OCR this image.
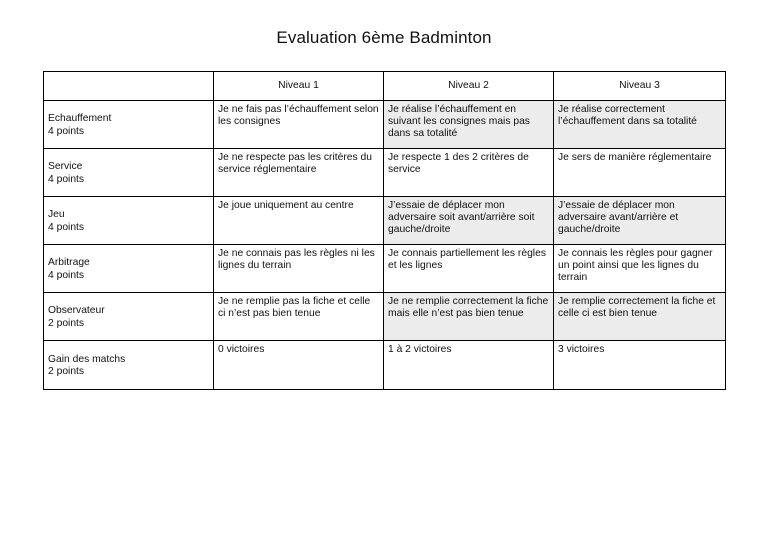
Evaluation 6ème Badminton
	Niveau 1	Niveau 2	Niveau 3

Echauffement
4 points	Je ne fais pas l’échauffement selon les consignes	Je réalise l’échauffement en suivant les consignes mais pas dans sa totalité	Je réalise correctement l’échauffement dans sa totalité

Service
4 points	Je ne respecte pas les critères du service réglementaire	Je respecte 1 des 2 critères de service	Je sers de manière réglementaire

Jeu
4 points	Je joue uniquement au centre	J’essaie de déplacer mon adversaire soit avant/arrière soit gauche/droite	J’essaie de déplacer mon adversaire avant/arrière et gauche/droite

Arbitrage
4 points	Je ne connais pas les règles ni les lignes du terrain	Je connais partiellement les règles et les lignes	Je connais les règles pour gagner un point ainsi que les lignes du terrain

Observateur
2 points	Je ne remplie pas la fiche et celle ci n’est pas bien tenue	Je ne remplie correctement la fiche mais elle n’est pas bien tenue	Je remplie correctement la fiche et celle ci est bien tenue

Gain des matchs
2 points	0 victoires	1 à 2 victoires	3 victoires
